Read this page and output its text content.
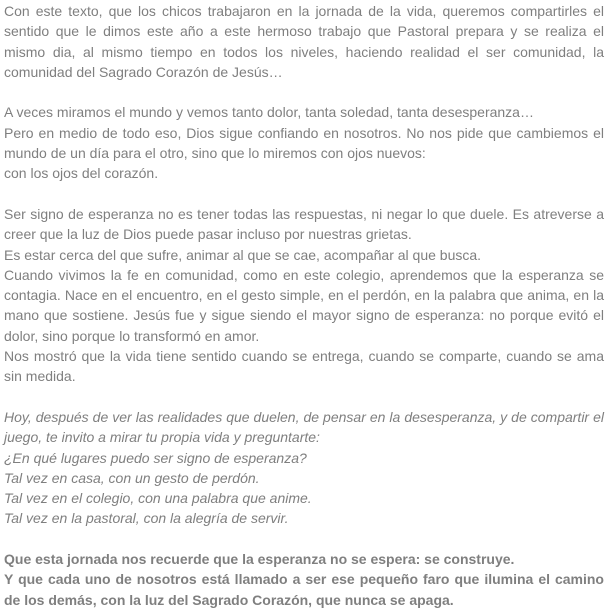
Con este texto, que los chicos trabajaron en la jornada de la vida, queremos compartirles el sentido que le dimos este año a este hermoso trabajo que Pastoral prepara y se realiza el mismo dia, al mismo tiempo en todos los niveles, haciendo realidad el ser comunidad, la comunidad del Sagrado Corazón de Jesús…

A veces miramos el mundo y vemos tanto dolor, tanta soledad, tanta desesperanza…
Pero en medio de todo eso, Dios sigue confiando en nosotros. No nos pide que cambiemos el mundo de un día para el otro, sino que lo miremos con ojos nuevos:
con los ojos del corazón.

Ser signo de esperanza no es tener todas las respuestas, ni negar lo que duele. Es atreverse a creer que la luz de Dios puede pasar incluso por nuestras grietas.
Es estar cerca del que sufre, animar al que se cae, acompañar al que busca.
Cuando vivimos la fe en comunidad, como en este colegio, aprendemos que la esperanza se contagia. Nace en el encuentro, en el gesto simple, en el perdón, en la palabra que anima, en la mano que sostiene. Jesús fue y sigue siendo el mayor signo de esperanza: no porque evitó el dolor, sino porque lo transformó en amor.
Nos mostró que la vida tiene sentido cuando se entrega, cuando se comparte, cuando se ama sin medida.

Hoy, después de ver las realidades que duelen, de pensar en la desesperanza, y de compartir el juego, te invito a mirar tu propia vida y preguntarte:
¿En qué lugares puedo ser signo de esperanza?
Tal vez en casa, con un gesto de perdón.
Tal vez en el colegio, con una palabra que anime.
Tal vez en la pastoral, con la alegría de servir.

Que esta jornada nos recuerde que la esperanza no se espera: se construye.
Y que cada uno de nosotros está llamado a ser ese pequeño faro que ilumina el camino de los demás, con la luz del Sagrado Corazón, que nunca se apaga.
